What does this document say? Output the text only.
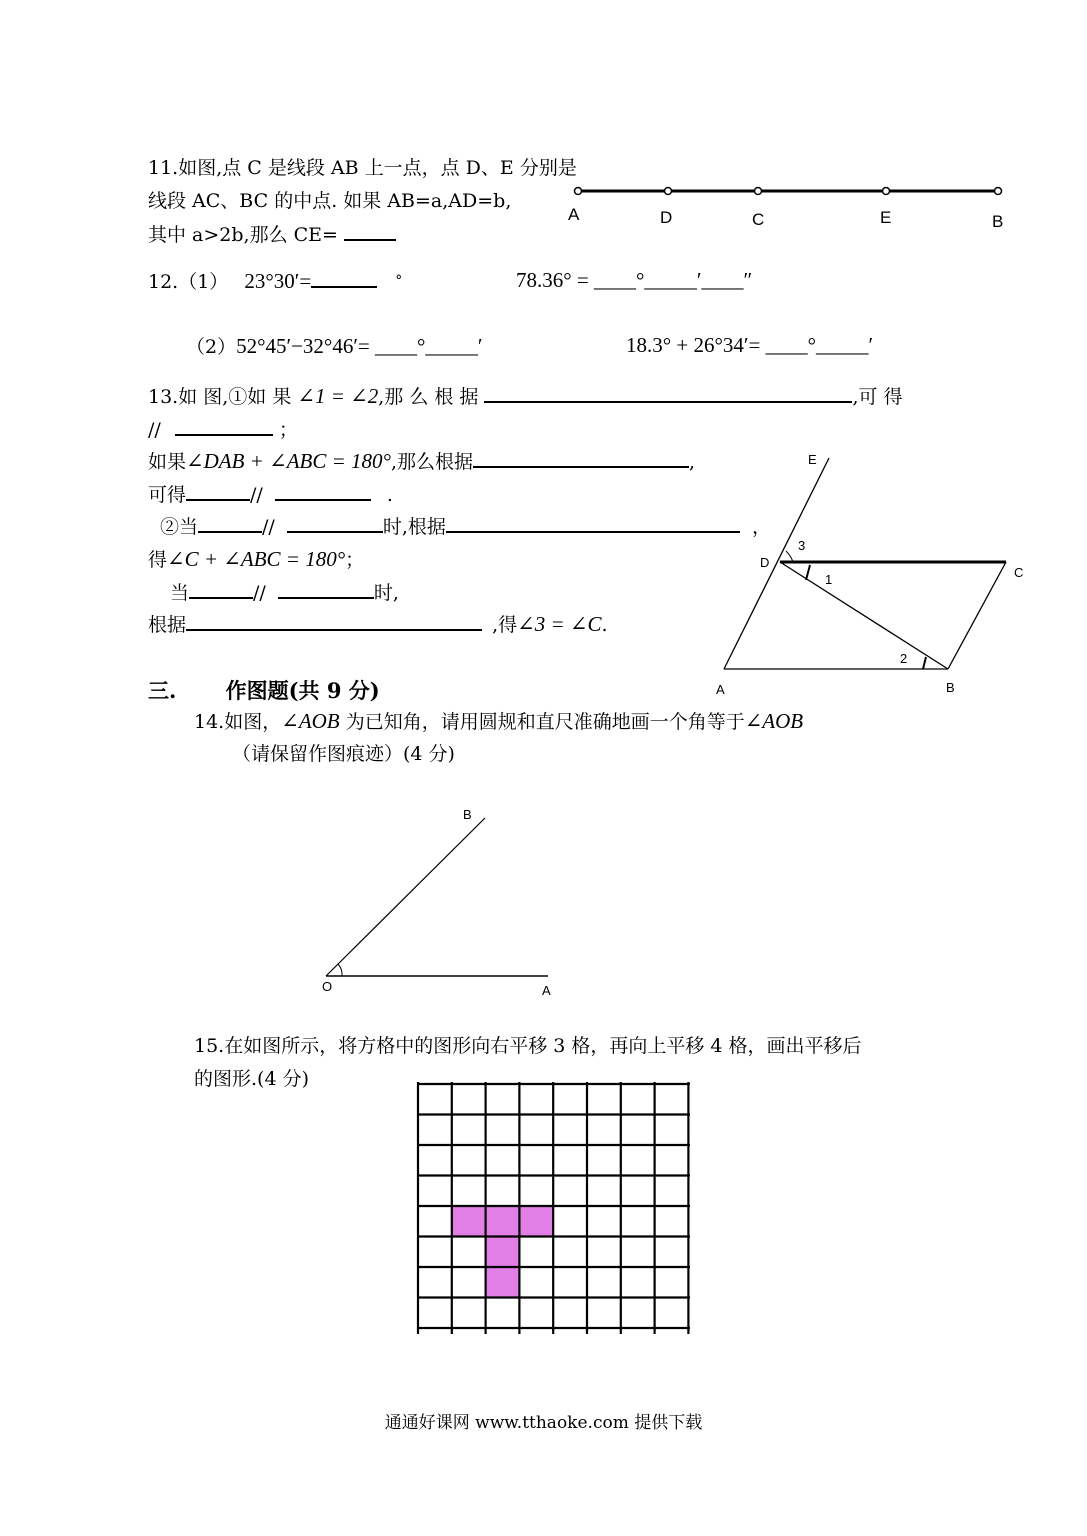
11.如图,点 C 是线段 AB 上一点，点 D、E 分别是
线段 AC、BC 的中点. 如果 AB=a,AD=b,
其中 a>2b,那么 CE=
A	D	C	E	B
12.（1） 23°30′=	°	78.36° = ____°_____′____″
（2）52°45′−32°46′= ____°_____′	18.3° + 26°34′= ____°_____′
13.如 图,①如 果 ∠1 = ∠2,那 么 根 据	,可 得
//	；
如果∠DAB + ∠ABC = 180°,那么根据	,
可得	//	.
②当	//	时,根据	，
得∠C + ∠ABC = 180°；
当	//	时,
根据	,得∠3 = ∠C.
E
D
C
A	B
1
2
3
三. 作图题(共 9 分)
14.如图，∠AOB 为已知角，请用圆规和直尺准确地画一个角等于∠AOB
（请保留作图痕迹）(4 分)
O	A
B
15.在如图所示，将方格中的图形向右平移 3 格，再向上平移 4 格，画出平移后
的图形.(4 分)
通通好课网 www.tthaoke.com 提供下载
